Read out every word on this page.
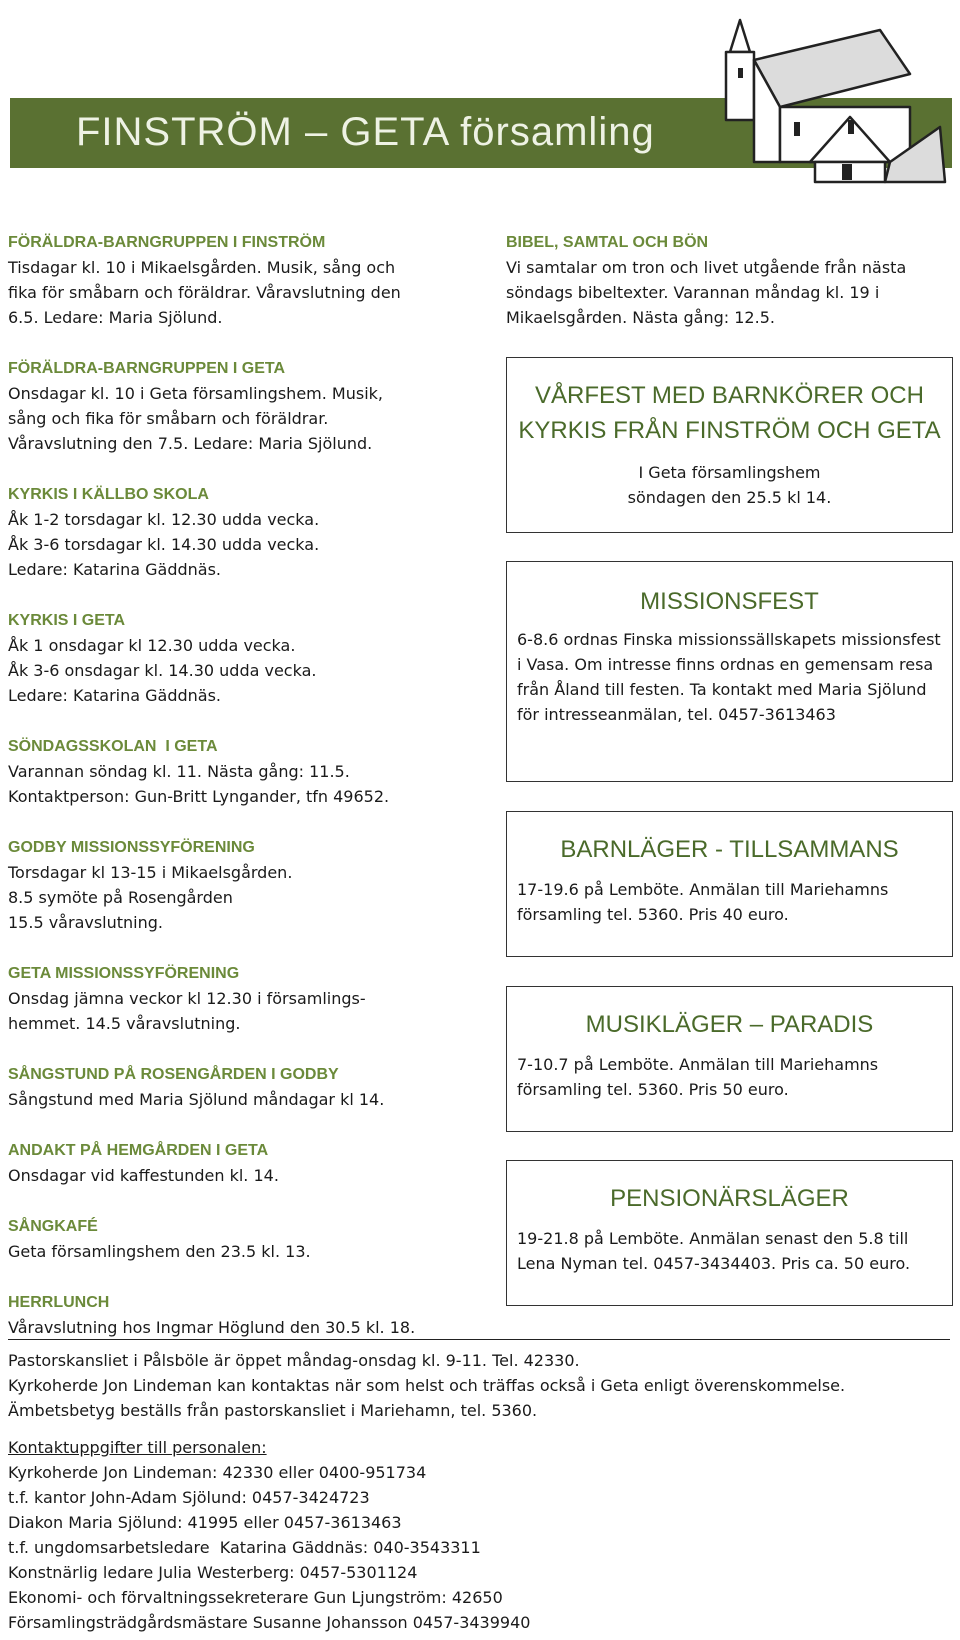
FINSTRÖM – GETA församling
FÖRÄLDRA-BARNGRUPPEN I FINSTRÖM

Tisdagar kl. 10 i Mikaelsgården. Musik, sång och fika för småbarn och föräldrar. Våravslutning den 6.5. Ledare: Maria Sjölund.

FÖRÄLDRA-BARNGRUPPEN I GETA

Onsdagar kl. 10 i Geta församlingshem. Musik, sång och fika för småbarn och föräldrar. Våravslutning den 7.5. Ledare: Maria Sjölund.

KYRKIS I KÄLLBO SKOLA

Åk 1-2 torsdagar kl. 12.30 udda vecka.
Åk 3-6 torsdagar kl. 14.30 udda vecka.
Ledare: Katarina Gäddnäs.

KYRKIS I GETA

Åk 1 onsdagar kl 12.30 udda vecka.
Åk 3-6 onsdagar kl. 14.30 udda vecka.
Ledare: Katarina Gäddnäs.

SÖNDAGSSKOLAN  I GETA

Varannan söndag kl. 11. Nästa gång: 11.5.
Kontaktperson: Gun-Britt Lyngander, tfn 49652.

GODBY MISSIONSSYFÖRENING

Torsdagar kl 13-15 i Mikaelsgården.
8.5 symöte på Rosengården
15.5 våravslutning.

GETA MISSIONSSYFÖRENING

Onsdag jämna veckor kl 12.30 i församlings-
hemmet. 14.5 våravslutning.

SÅNGSTUND PÅ ROSENGÅRDEN I GODBY

Sångstund med Maria Sjölund måndagar kl 14.

ANDAKT PÅ HEMGÅRDEN I GETA

Onsdagar vid kaffestunden kl. 14.

SÅNGKAFÉ

Geta församlingshem den 23.5 kl. 13.

HERRLUNCH

Våravslutning hos Ingmar Höglund den 30.5 kl. 18.

BIBEL, SAMTAL OCH BÖN

Vi samtalar om tron och livet utgående från nästa söndags bibeltexter. Varannan måndag kl. 19 i Mikaelsgården. Nästa gång: 12.5.

VÅRFEST MED BARNKÖRER OCH KYRKIS FRÅN FINSTRÖM OCH GETA

I Geta församlingshem
söndagen den 25.5 kl 14.

MISSIONSFEST

6-8.6 ordnas Finska missionssällskapets missionsfest i Vasa. Om intresse finns ordnas en gemensam resa från Åland till festen. Ta kontakt med Maria Sjölund för intresseanmälan, tel. 0457-3613463

BARNLÄGER - TILLSAMMANS

17-19.6 på Lemböte. Anmälan till Mariehamns församling tel. 5360. Pris 40 euro.

MUSIKLÄGER – PARADIS

7-10.7 på Lemböte. Anmälan till Mariehamns församling tel. 5360. Pris 50 euro.

PENSIONÄRSLÄGER

19-21.8 på Lemböte. Anmälan senast den 5.8 till Lena Nyman tel. 0457-3434403. Pris ca. 50 euro.

Pastorskansliet i Pålsböle är öppet måndag-onsdag kl. 9-11. Tel. 42330.

Kyrkoherde Jon Lindeman kan kontaktas när som helst och träffas också i Geta enligt överenskommelse.

Ämbetsbetyg beställs från pastorskansliet i Mariehamn, tel. 5360.

Kontaktuppgifter till personalen:

Kyrkoherde Jon Lindeman: 42330 eller 0400-951734

t.f. kantor John-Adam Sjölund: 0457-3424723

Diakon Maria Sjölund: 41995 eller 0457-3613463

t.f. ungdomsarbetsledare  Katarina Gäddnäs: 040-3543311

Konstnärlig ledare Julia Westerberg: 0457-5301124

Ekonomi- och förvaltningssekreterare Gun Ljungström: 42650

Församlingsträdgårdsmästare Susanne Johansson 0457-3439940
